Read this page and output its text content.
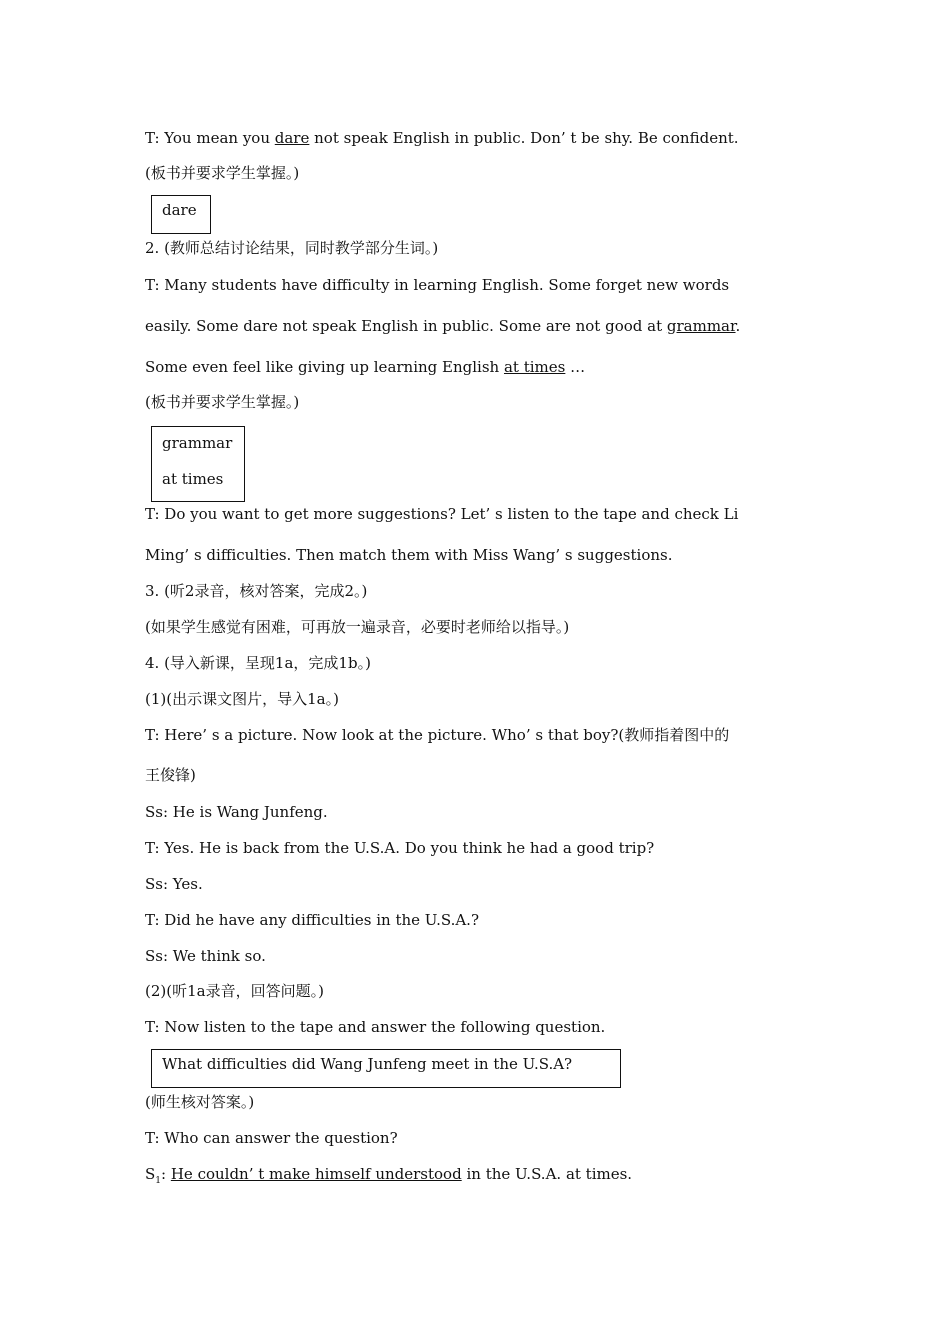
T: You mean you dare not speak English in public. Don’ t be shy. Be confident.

(板书并要求学生掌握。)

dare

2. (教师总结讨论结果，同时教学部分生词。)

T: Many students have difficulty in learning English. Some forget new words

easily. Some dare not speak English in public. Some are not good at grammar.

Some even feel like giving up learning English at times …

(板书并要求学生掌握。)

grammar
at times

T: Do you want to get more suggestions? Let’ s listen to the tape and check Li

Ming’ s difficulties. Then match them with Miss Wang’ s suggestions.

3. (听2录音，核对答案，完成2。)

(如果学生感觉有困难，可再放一遍录音，必要时老师给以指导。)

4. (导入新课，呈现1a，完成1b。)

(1)(出示课文图片，导入1a。)

T: Here’ s a picture. Now look at the picture. Who’ s that boy?(教师指着图中的

王俊锋)

Ss: He is Wang Junfeng.

T: Yes. He is back from the U.S.A. Do you think he had a good trip?

Ss: Yes.

T: Did he have any difficulties in the U.S.A.?

Ss: We think so.

(2)(听1a录音，回答问题。)

T: Now listen to the tape and answer the following question.

What difficulties did Wang Junfeng meet in the U.S.A?

(师生核对答案。)

T: Who can answer the question?

$S_1$: He couldn’ t make himself understood in the U.S.A. at times.
